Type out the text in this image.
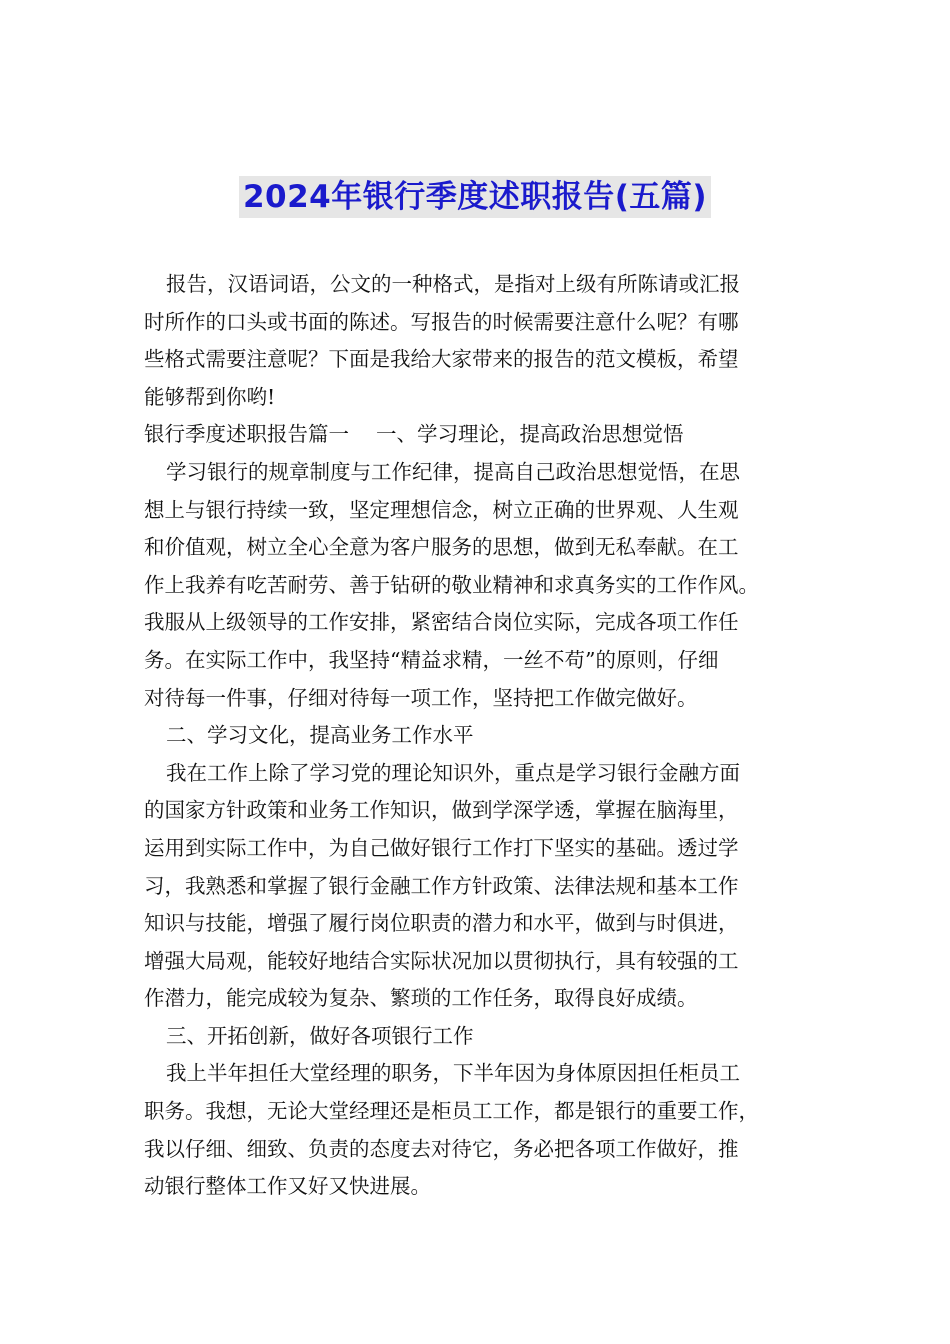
2024年银行季度述职报告(五篇)

报告，汉语词语，公文的一种格式，是指对上级有所陈请或汇报

时所作的口头或书面的陈述。写报告的时候需要注意什么呢？有哪

些格式需要注意呢？下面是我给大家带来的报告的范文模板，希望

能够帮到你哟!

银行季度述职报告篇一　 一、学习理论，提高政治思想觉悟

学习银行的规章制度与工作纪律，提高自己政治思想觉悟，在思

想上与银行持续一致，坚定理想信念，树立正确的世界观、人生观

和价值观，树立全心全意为客户服务的思想，做到无私奉献。在工

作上我养有吃苦耐劳、善于钻研的敬业精神和求真务实的工作作风。

我服从上级领导的工作安排，紧密结合岗位实际，完成各项工作任

务。在实际工作中，我坚持“精益求精，一丝不苟”的原则，仔细

对待每一件事，仔细对待每一项工作，坚持把工作做完做好。

二、学习文化，提高业务工作水平

我在工作上除了学习党的理论知识外，重点是学习银行金融方面

的国家方针政策和业务工作知识，做到学深学透，掌握在脑海里，

运用到实际工作中，为自己做好银行工作打下坚实的基础。透过学

习，我熟悉和掌握了银行金融工作方针政策、法律法规和基本工作

知识与技能，增强了履行岗位职责的潜力和水平，做到与时俱进，

增强大局观，能较好地结合实际状况加以贯彻执行，具有较强的工

作潜力，能完成较为复杂、繁琐的工作任务，取得良好成绩。

三、开拓创新，做好各项银行工作

我上半年担任大堂经理的职务，下半年因为身体原因担任柜员工

职务。我想，无论大堂经理还是柜员工工作，都是银行的重要工作，

我以仔细、细致、负责的态度去对待它，务必把各项工作做好，推

动银行整体工作又好又快进展。
